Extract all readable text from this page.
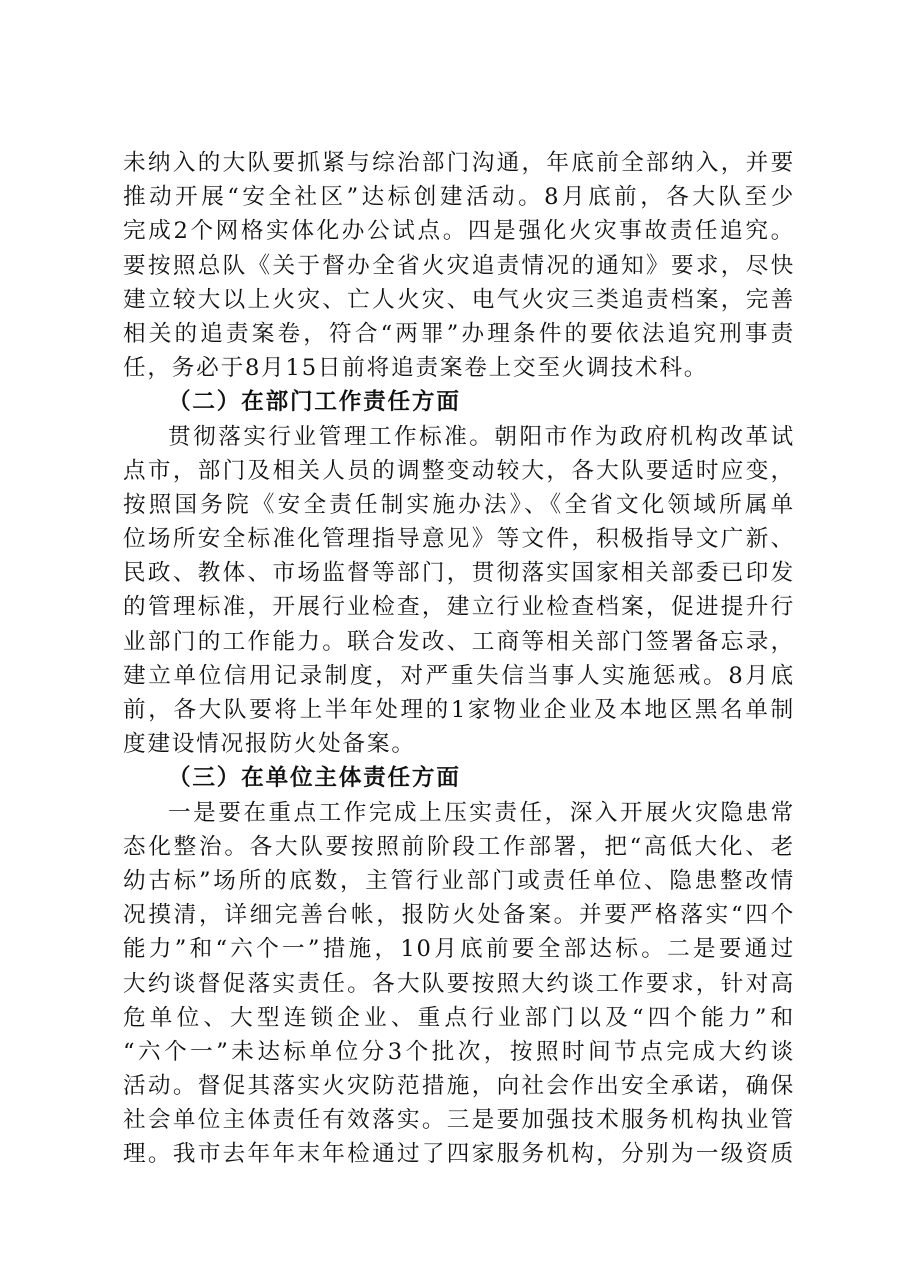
未纳入的大队要抓紧与综治部门沟通，年底前全部纳入，并要
推动开展“安全社区”达标创建活动。8月底前，各大队至少
完成2个网格实体化办公试点。四是强化火灾事故责任追究。
要按照总队《关于督办全省火灾追责情况的通知》要求，尽快
建立较大以上火灾、亡人火灾、电气火灾三类追责档案，完善
相关的追责案卷，符合“两罪”办理条件的要依法追究刑事责
任，务必于8月15日前将追责案卷上交至火调技术科。
（二）在部门工作责任方面
贯彻落实行业管理工作标准。朝阳市作为政府机构改革试
点市，部门及相关人员的调整变动较大，各大队要适时应变，
按照国务院《安全责任制实施办法》、《全省文化领域所属单
位场所安全标准化管理指导意见》等文件，积极指导文广新、
民政、教体、市场监督等部门，贯彻落实国家相关部委已印发
的管理标准，开展行业检查，建立行业检查档案，促进提升行
业部门的工作能力。联合发改、工商等相关部门签署备忘录，
建立单位信用记录制度，对严重失信当事人实施惩戒。8月底
前，各大队要将上半年处理的1家物业企业及本地区黑名单制
度建设情况报防火处备案。
（三）在单位主体责任方面
一是要在重点工作完成上压实责任，深入开展火灾隐患常
态化整治。各大队要按照前阶段工作部署，把“高低大化、老
幼古标”场所的底数，主管行业部门或责任单位、隐患整改情
况摸清，详细完善台帐，报防火处备案。并要严格落实“四个
能力”和“六个一”措施，10月底前要全部达标。二是要通过
大约谈督促落实责任。各大队要按照大约谈工作要求，针对高
危单位、大型连锁企业、重点行业部门以及“四个能力”和
“六个一”未达标单位分3个批次，按照时间节点完成大约谈
活动。督促其落实火灾防范措施，向社会作出安全承诺，确保
社会单位主体责任有效落实。三是要加强技术服务机构执业管
理。我市去年年末年检通过了四家服务机构，分别为一级资质
